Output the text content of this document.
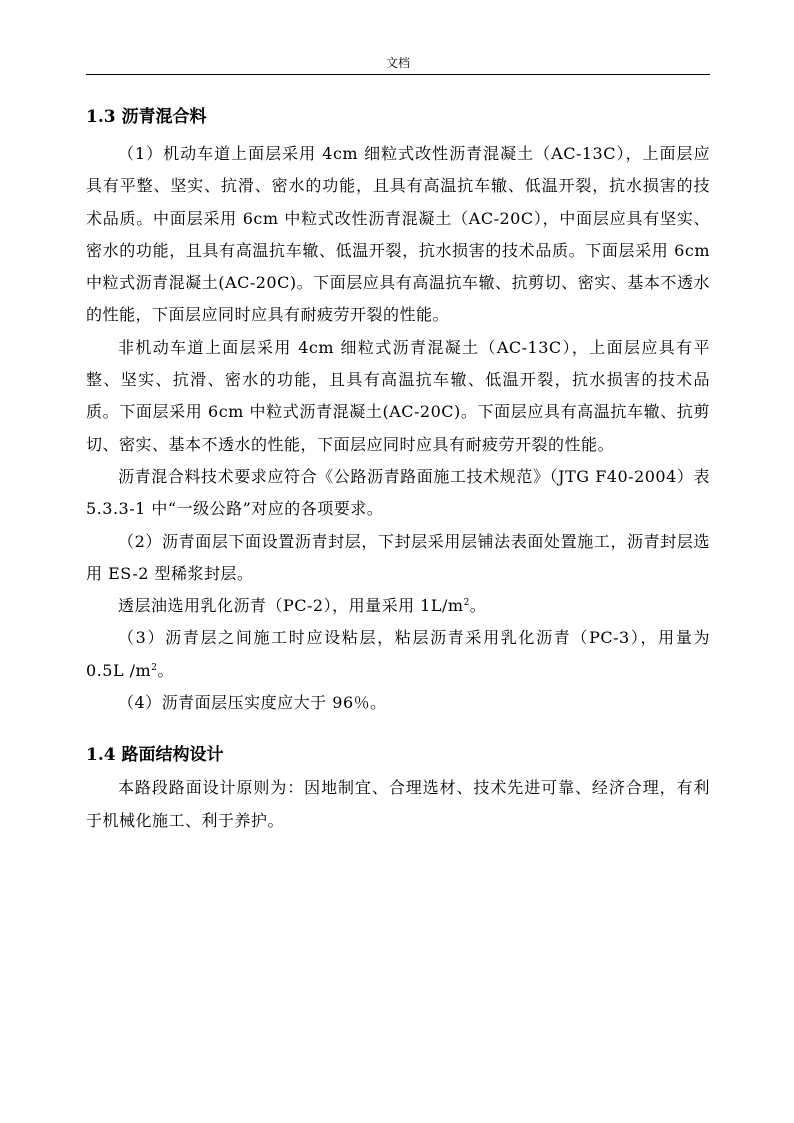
文档
1.3 沥青混合料

（1）机动车道上面层采用 4cm 细粒式改性沥青混凝土（AC-13C），上面层应具有平整、坚实、抗滑、密水的功能，且具有高温抗车辙、低温开裂，抗水损害的技术品质。中面层采用 6cm 中粒式改性沥青混凝土（AC-20C），中面层应具有坚实、密水的功能，且具有高温抗车辙、低温开裂，抗水损害的技术品质。下面层采用 6cm 中粒式沥青混凝土(AC-20C)。下面层应具有高温抗车辙、抗剪切、密实、基本不透水的性能，下面层应同时应具有耐疲劳开裂的性能。

非机动车道上面层采用 4cm 细粒式沥青混凝土（AC-13C），上面层应具有平整、坚实、抗滑、密水的功能，且具有高温抗车辙、低温开裂，抗水损害的技术品质。下面层采用 6cm 中粒式沥青混凝土(AC-20C)。下面层应具有高温抗车辙、抗剪切、密实、基本不透水的性能，下面层应同时应具有耐疲劳开裂的性能。

沥青混合料技术要求应符合《公路沥青路面施工技术规范》（JTG F40-2004）表 5.3.3-1 中“一级公路”对应的各项要求。

（2）沥青面层下面设置沥青封层，下封层采用层铺法表面处置施工，沥青封层选用 ES-2 型稀浆封层。

透层油选用乳化沥青（PC-2），用量采用 $1L/m^2$。

（3）沥青层之间施工时应设粘层，粘层沥青采用乳化沥青（PC-3），用量为 0.5L $/m^2$。

（4）沥青面层压实度应大于 96％。

1.4 路面结构设计

本路段路面设计原则为：因地制宜、合理选材、技术先进可靠、经济合理，有利于机械化施工、利于养护。
